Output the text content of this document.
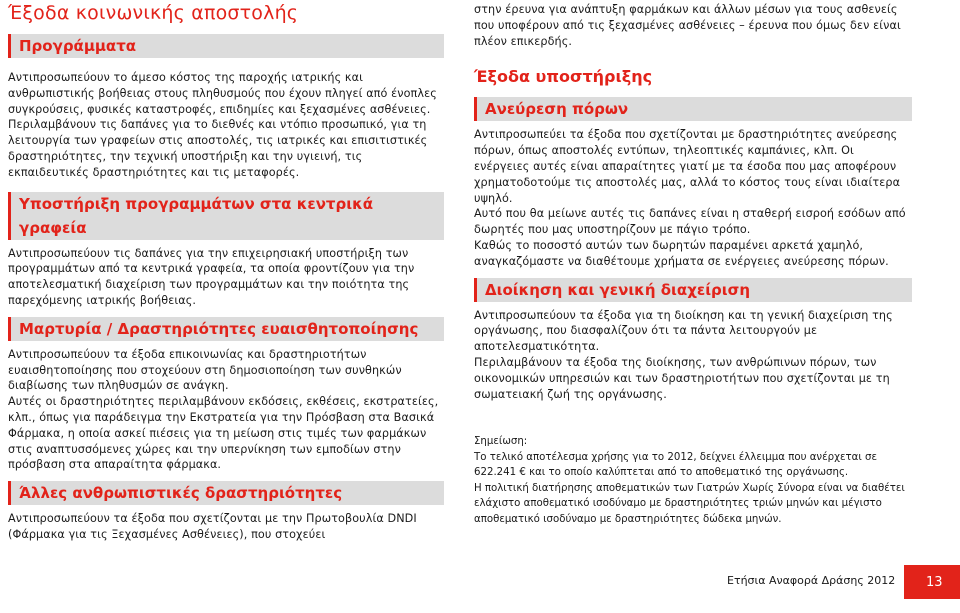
Έξοδα κοινωνικής αποστολής
Προγράμματα

Αντιπροσωπεύουν το άμεσο κόστος της παροχής ιατρικής και ανθρωπιστικής βοήθειας στους πληθυσμούς που έχουν πληγεί από ένοπλες συγκρούσεις, φυσικές καταστροφές, επιδημίες και ξεχασμένες ασθένειες. Περιλαμβάνουν τις δαπάνες για το διεθνές και ντόπιο προσωπικό, για τη λειτουργία των γραφείων στις αποστολές, τις ιατρικές και επισιτιστικές δραστηριότητες, την τεχνική υποστήριξη και την υγιεινή, τις εκπαιδευτικές δραστηριότητες και τις μεταφορές.

Υποστήριξη προγραμμάτων στα κεντρικά γραφεία

Αντιπροσωπεύουν τις δαπάνες για την επιχειρησιακή υποστήριξη των προγραμμάτων από τα κεντρικά γραφεία, τα οποία φροντίζουν για την αποτελεσματική διαχείριση των προγραμμάτων και την ποιότητα της παρεχόμενης ιατρικής βοήθειας.

Μαρτυρία / Δραστηριότητες ευαισθητοποίησης

Αντιπροσωπεύουν τα έξοδα επικοινωνίας και δραστηριοτήτων ευαισθητοποίησης που στοχεύουν στη δημοσιοποίηση των συνθηκών διαβίωσης των πληθυσμών σε ανάγκη.
Αυτές οι δραστηριότητες περιλαμβάνουν εκδόσεις, εκθέσεις, εκστρατείες, κλπ., όπως για παράδειγμα την Εκστρατεία για την Πρόσβαση στα Βασικά Φάρμακα, η οποία ασκεί πιέσεις για τη μείωση στις τιμές των φαρμάκων στις αναπτυσσόμενες χώρες και την υπερνίκηση των εμποδίων στην πρόσβαση στα απαραίτητα φάρμακα.

Άλλες ανθρωπιστικές δραστηριότητες

Αντιπροσωπεύουν τα έξοδα που σχετίζονται με την Πρωτοβουλία DNDI (Φάρμακα για τις Ξεχασμένες Ασθένειες), που στοχεύει

στην έρευνα για ανάπτυξη φαρμάκων και άλλων μέσων για τους ασθενείς που υποφέρουν από τις ξεχασμένες ασθένειες – έρευνα που όμως δεν είναι πλέον επικερδής.

Έξοδα υποστήριξης
Ανεύρεση πόρων

Αντιπροσωπεύει τα έξοδα που σχετίζονται με δραστηριότητες ανεύρεσης πόρων, όπως αποστολές εντύπων, τηλεοπτικές καμπάνιες, κλπ. Οι ενέργειες αυτές είναι απαραίτητες γιατί με τα έσοδα που μας αποφέρουν χρηματοδοτούμε τις αποστολές μας, αλλά το κόστος τους είναι ιδιαίτερα υψηλό.
Αυτό που θα μείωνε αυτές τις δαπάνες είναι η σταθερή εισροή εσόδων από δωρητές που μας υποστηρίζουν με πάγιο τρόπο.
Καθώς το ποσοστό αυτών των δωρητών παραμένει αρκετά χαμηλό, αναγκαζόμαστε να διαθέτουμε χρήματα σε ενέργειες ανεύρεσης πόρων.

Διοίκηση και γενική διαχείριση

Αντιπροσωπεύουν τα έξοδα για τη διοίκηση και τη γενική διαχείριση της οργάνωσης, που διασφαλίζουν ότι τα πάντα λειτουργούν με αποτελεσματικότητα.
Περιλαμβάνουν τα έξοδα της διοίκησης, των ανθρώπινων πόρων, των οικονομικών υπηρεσιών και των δραστηριοτήτων που σχετίζονται με τη σωματειακή ζωή της οργάνωσης.

Σημείωση:

Το τελικό αποτέλεσμα χρήσης για το 2012, δείχνει έλλειμμα που ανέρχεται σε 622.241 € και το οποίο καλύπτεται από το αποθεματικό της οργάνωσης.
Η πολιτική διατήρησης αποθεματικών των Γιατρών Χωρίς Σύνορα είναι να διαθέτει ελάχιστο αποθεματικό ισοδύναμο με δραστηριότητες τριών μηνών και μέγιστο αποθεματικό ισοδύναμο με δραστηριότητες δώδεκα μηνών.

Ετήσια Αναφορά Δράσης 2012 13
